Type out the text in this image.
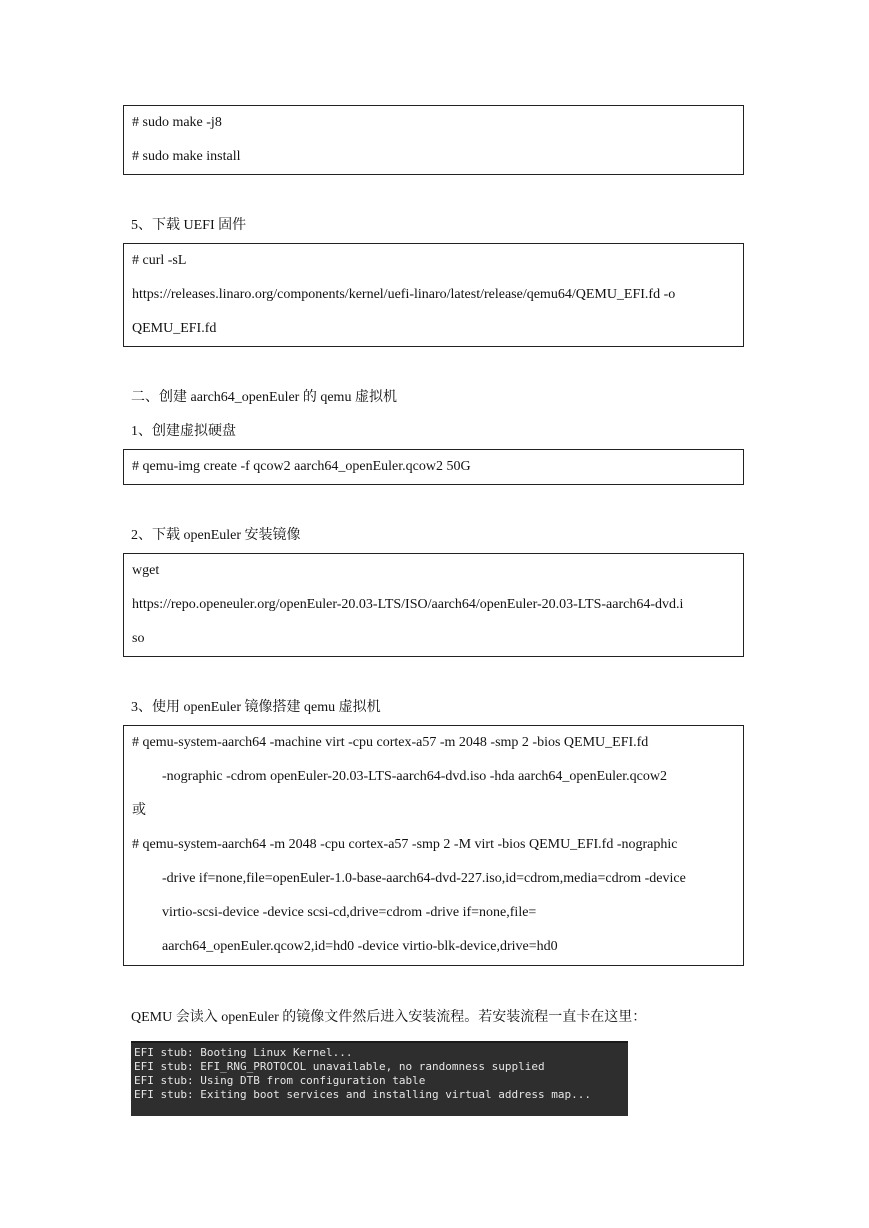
# sudo make -j8
# sudo make install
5、下载 UEFI 固件
# curl -sL
https://releases.linaro.org/components/kernel/uefi-linaro/latest/release/qemu64/QEMU_EFI.fd -o
QEMU_EFI.fd
二、创建 aarch64_openEuler 的 qemu 虚拟机
1、创建虚拟硬盘
# qemu-img create -f qcow2 aarch64_openEuler.qcow2 50G
2、下载 openEuler 安装镜像
wget
https://repo.openeuler.org/openEuler-20.03-LTS/ISO/aarch64/openEuler-20.03-LTS-aarch64-dvd.i
so
3、使用 openEuler 镜像搭建 qemu 虚拟机
# qemu-system-aarch64 -machine virt -cpu cortex-a57 -m 2048 -smp 2 -bios QEMU_EFI.fd
-nographic -cdrom openEuler-20.03-LTS-aarch64-dvd.iso -hda aarch64_openEuler.qcow2
或
# qemu-system-aarch64 -m 2048 -cpu cortex-a57 -smp 2 -M virt -bios QEMU_EFI.fd -nographic
-drive if=none,file=openEuler-1.0-base-aarch64-dvd-227.iso,id=cdrom,media=cdrom -device
virtio-scsi-device -device scsi-cd,drive=cdrom -drive if=none,file=
aarch64_openEuler.qcow2,id=hd0 -device virtio-blk-device,drive=hd0
QEMU 会读入 openEuler 的镜像文件然后进入安装流程。若安装流程一直卡在这里：
EFI stub: Booting Linux Kernel...
EFI stub: EFI_RNG_PROTOCOL unavailable, no randomness supplied
EFI stub: Using DTB from configuration table
EFI stub: Exiting boot services and installing virtual address map...
